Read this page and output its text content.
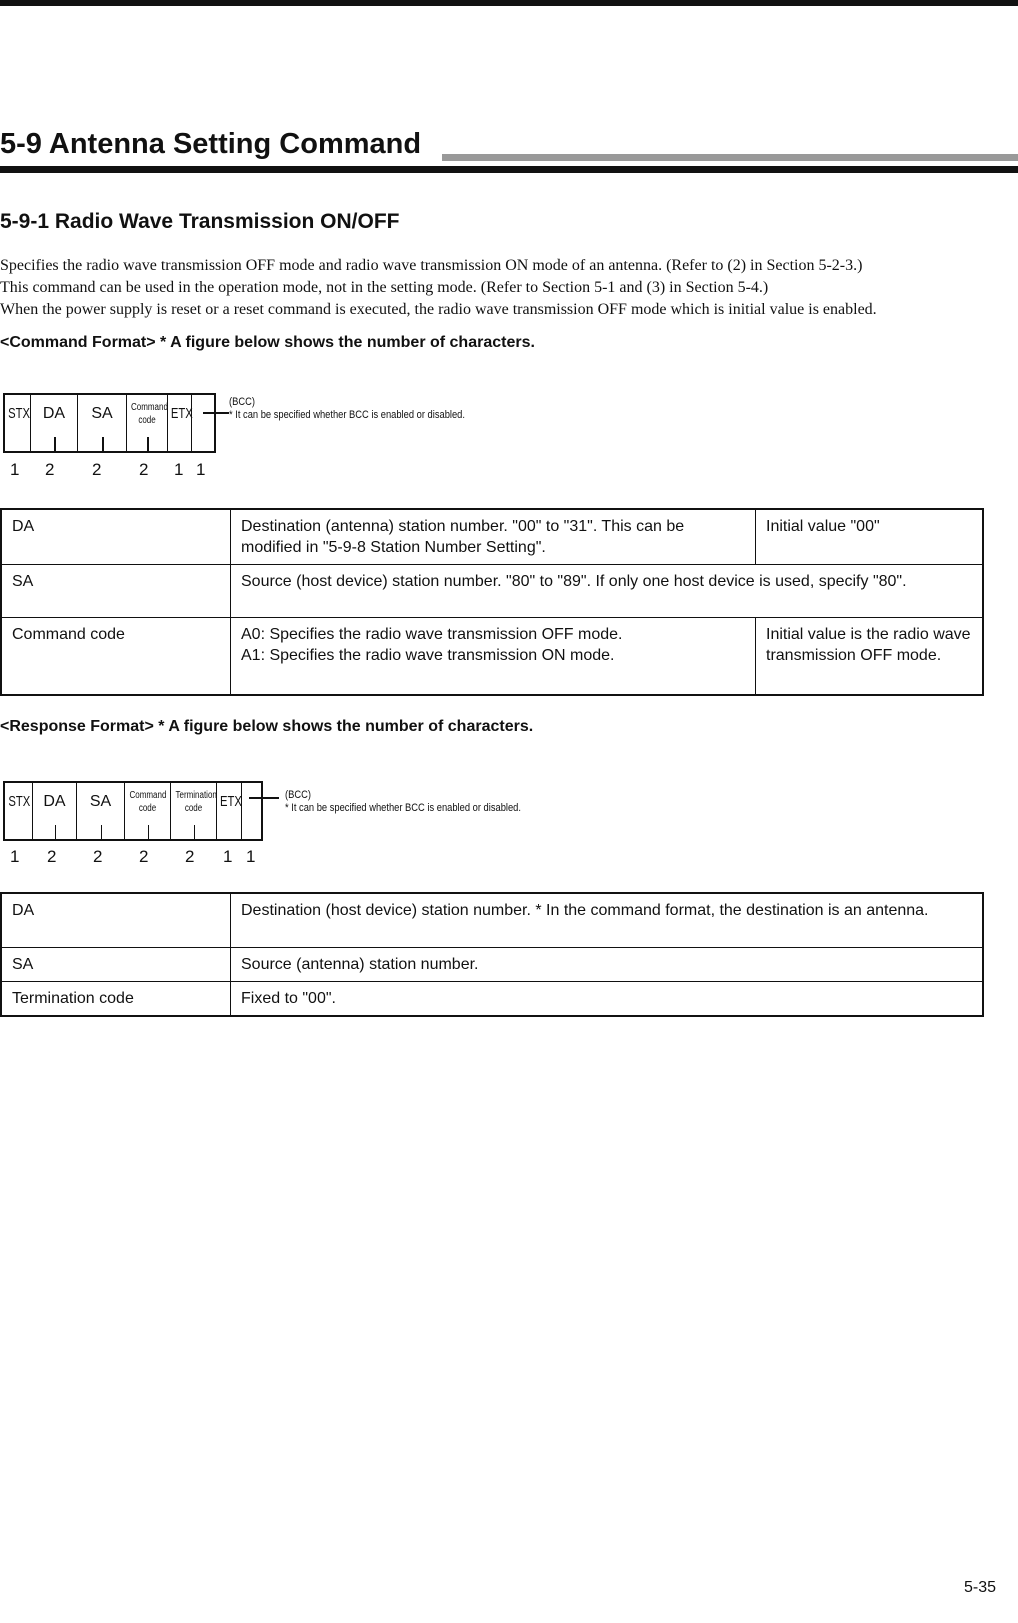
5-9 Antenna Setting Command
5-9-1 Radio Wave Transmission ON/OFF
Specifies the radio wave transmission OFF mode and radio wave transmission ON mode of an antenna. (Refer to (2) in Section 5-2-3.)
This command can be used in the operation mode, not in the setting mode. (Refer to Section 5-1 and (3) in Section 5-4.)
When the power supply is reset or a reset command is executed, the radio wave transmission OFF mode which is initial value is enabled.
<Command Format> * A figure below shows the number of characters.
STX DA	SA	Command code	ETX
(BCC)
* It can be specified whether BCC is enabled or disabled.
1 2 2 2 1 1
DA	Destination (antenna) station number. "00" to "31". This can be modified in "5-9-8 Station Number Setting".	Initial value "00"
SA	Source (host device) station number. "80" to "89". If only one host device is used, specify "80".	
Command code	A0: Specifies the radio wave transmission OFF mode.
A1: Specifies the radio wave transmission ON mode.	Initial value is the radio wave transmission OFF mode.
<Response Format> * A figure below shows the number of characters.
STX DA	SA	Command code
Termination code	ETX	(BCC)
* It can be specified whether BCC is enabled or disabled.
1 2 2 2 2 1 1
DA	Destination (host device) station number. * In the command format, the destination is an antenna.
SA	Source (antenna) station number.
Termination code	Fixed to "00".
5-35
